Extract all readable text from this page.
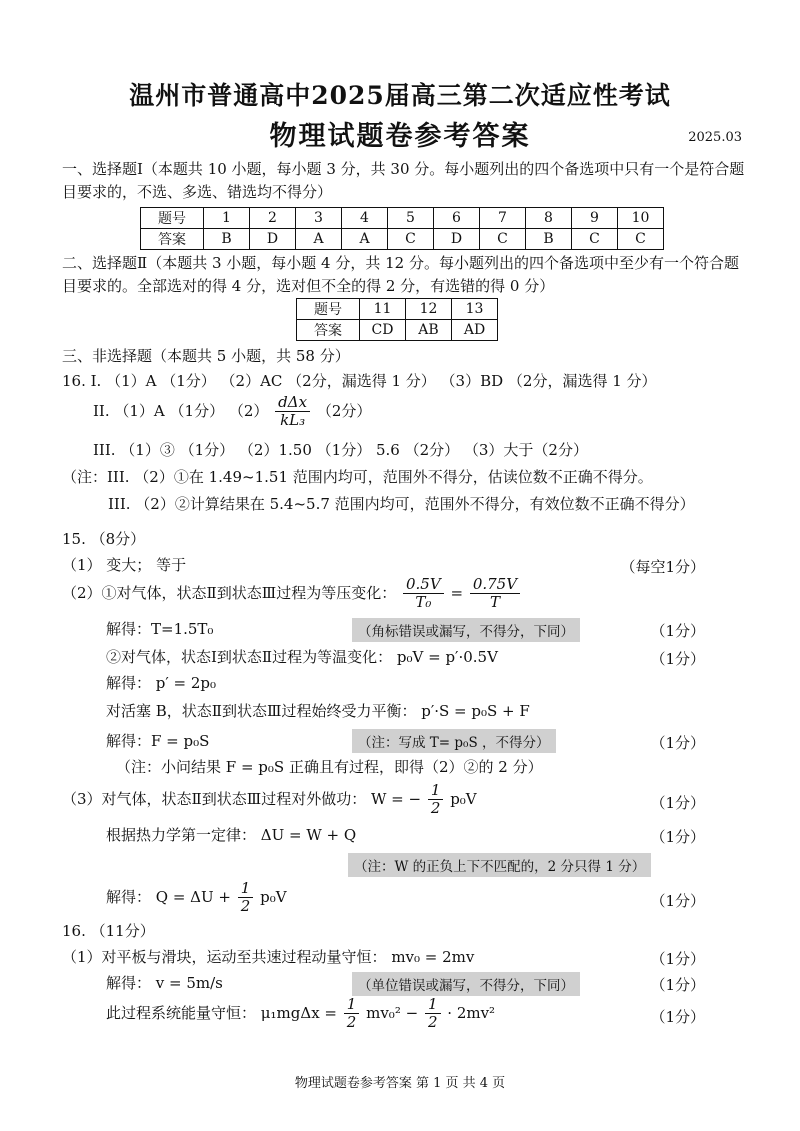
温州市普通高中2025届高三第二次适应性考试
物理试题卷参考答案	2025.03
一、选择题Ⅰ（本题共 10 小题，每小题 3 分，共 30 分。每小题列出的四个备选项中只有一个是符合题
目要求的，不选、多选、错选均不得分）
题号	1	2	3	4	5	6	7	8	9	10
答案	B	D	A	A	C	D	C	B	C	C
二、选择题Ⅱ（本题共 3 小题，每小题 4 分，共 12 分。每小题列出的四个备选项中至少有一个符合题
目要求的。全部选对的得 4 分，选对但不全的得 2 分，有选错的得 0 分）
题号	11	12	13
答案	CD	AB	AD
三、非选择题（本题共 5 小题，共 58 分）
16. I. （1）A （1分） （2）AC （2分，漏选得 1 分） （3）BD （2分，漏选得 1 分）
II. （1）A （1分） $(2) \frac{\text{dΔx}}{\text{kL₃}} (2$分）
III. （1）③ （1分） （2）1.50 （1分） 5.6 （2分） （3）大于（2分）
（注：III. （2）①在 1.49~1.51 范围内均可，范围外不得分，估读位数不正确不得分。
III. （2）②计算结果在 5.4~5.7 范围内均可，范围外不得分，有效位数不正确不得分）
15. （8分）
（1） 变大； 等于	（每空1分）
（2）①对气体，状态Ⅱ到状态Ⅲ过程为等压变化： $\frac{0.5V}{\text{T₀}} = \frac{0.75V}{T}$
解得：T=1.5T₀	（角标错误或漏写，不得分，下同）	（1分）
②对气体，状态Ⅰ到状态Ⅱ过程为等温变化： p₀V = p′·0.5V	（1分）
解得： p′ = 2p₀
对活塞 B，状态Ⅱ到状态Ⅲ过程始终受力平衡： p′·S = p₀S + F
解得：F = p₀S	（注：写成 T= p₀S ，不得分）	（1分）
（注：小问结果 F = p₀S 正确且有过程，即得（2）②的 2 分）
（3）对气体，状态Ⅱ到状态Ⅲ过程对外做功： W = − $\frac{1}{2} p_0V$	（1分）
根据热力学第一定律： ΔU = W + Q	（1分）
（注：W 的正负上下不匹配的，2 分只得 1 分）
解得： $Q = \Delta U + \frac{1}{2} p_0V$	（1分）
16. （11分）
（1）对平板与滑块，运动至共速过程动量守恒： mv₀ = 2mv	（1分）
解得： v = 5m/s	（单位错误或漏写，不得分，下同）	（1分）
此过程系统能量守恒： $\mu_1mg\Delta x = \frac{1}{2} mv_0^2 - \frac{1}{2} \cdot 2mv^2$	（1分）
物理试题卷参考答案 第 1 页 共 4 页
